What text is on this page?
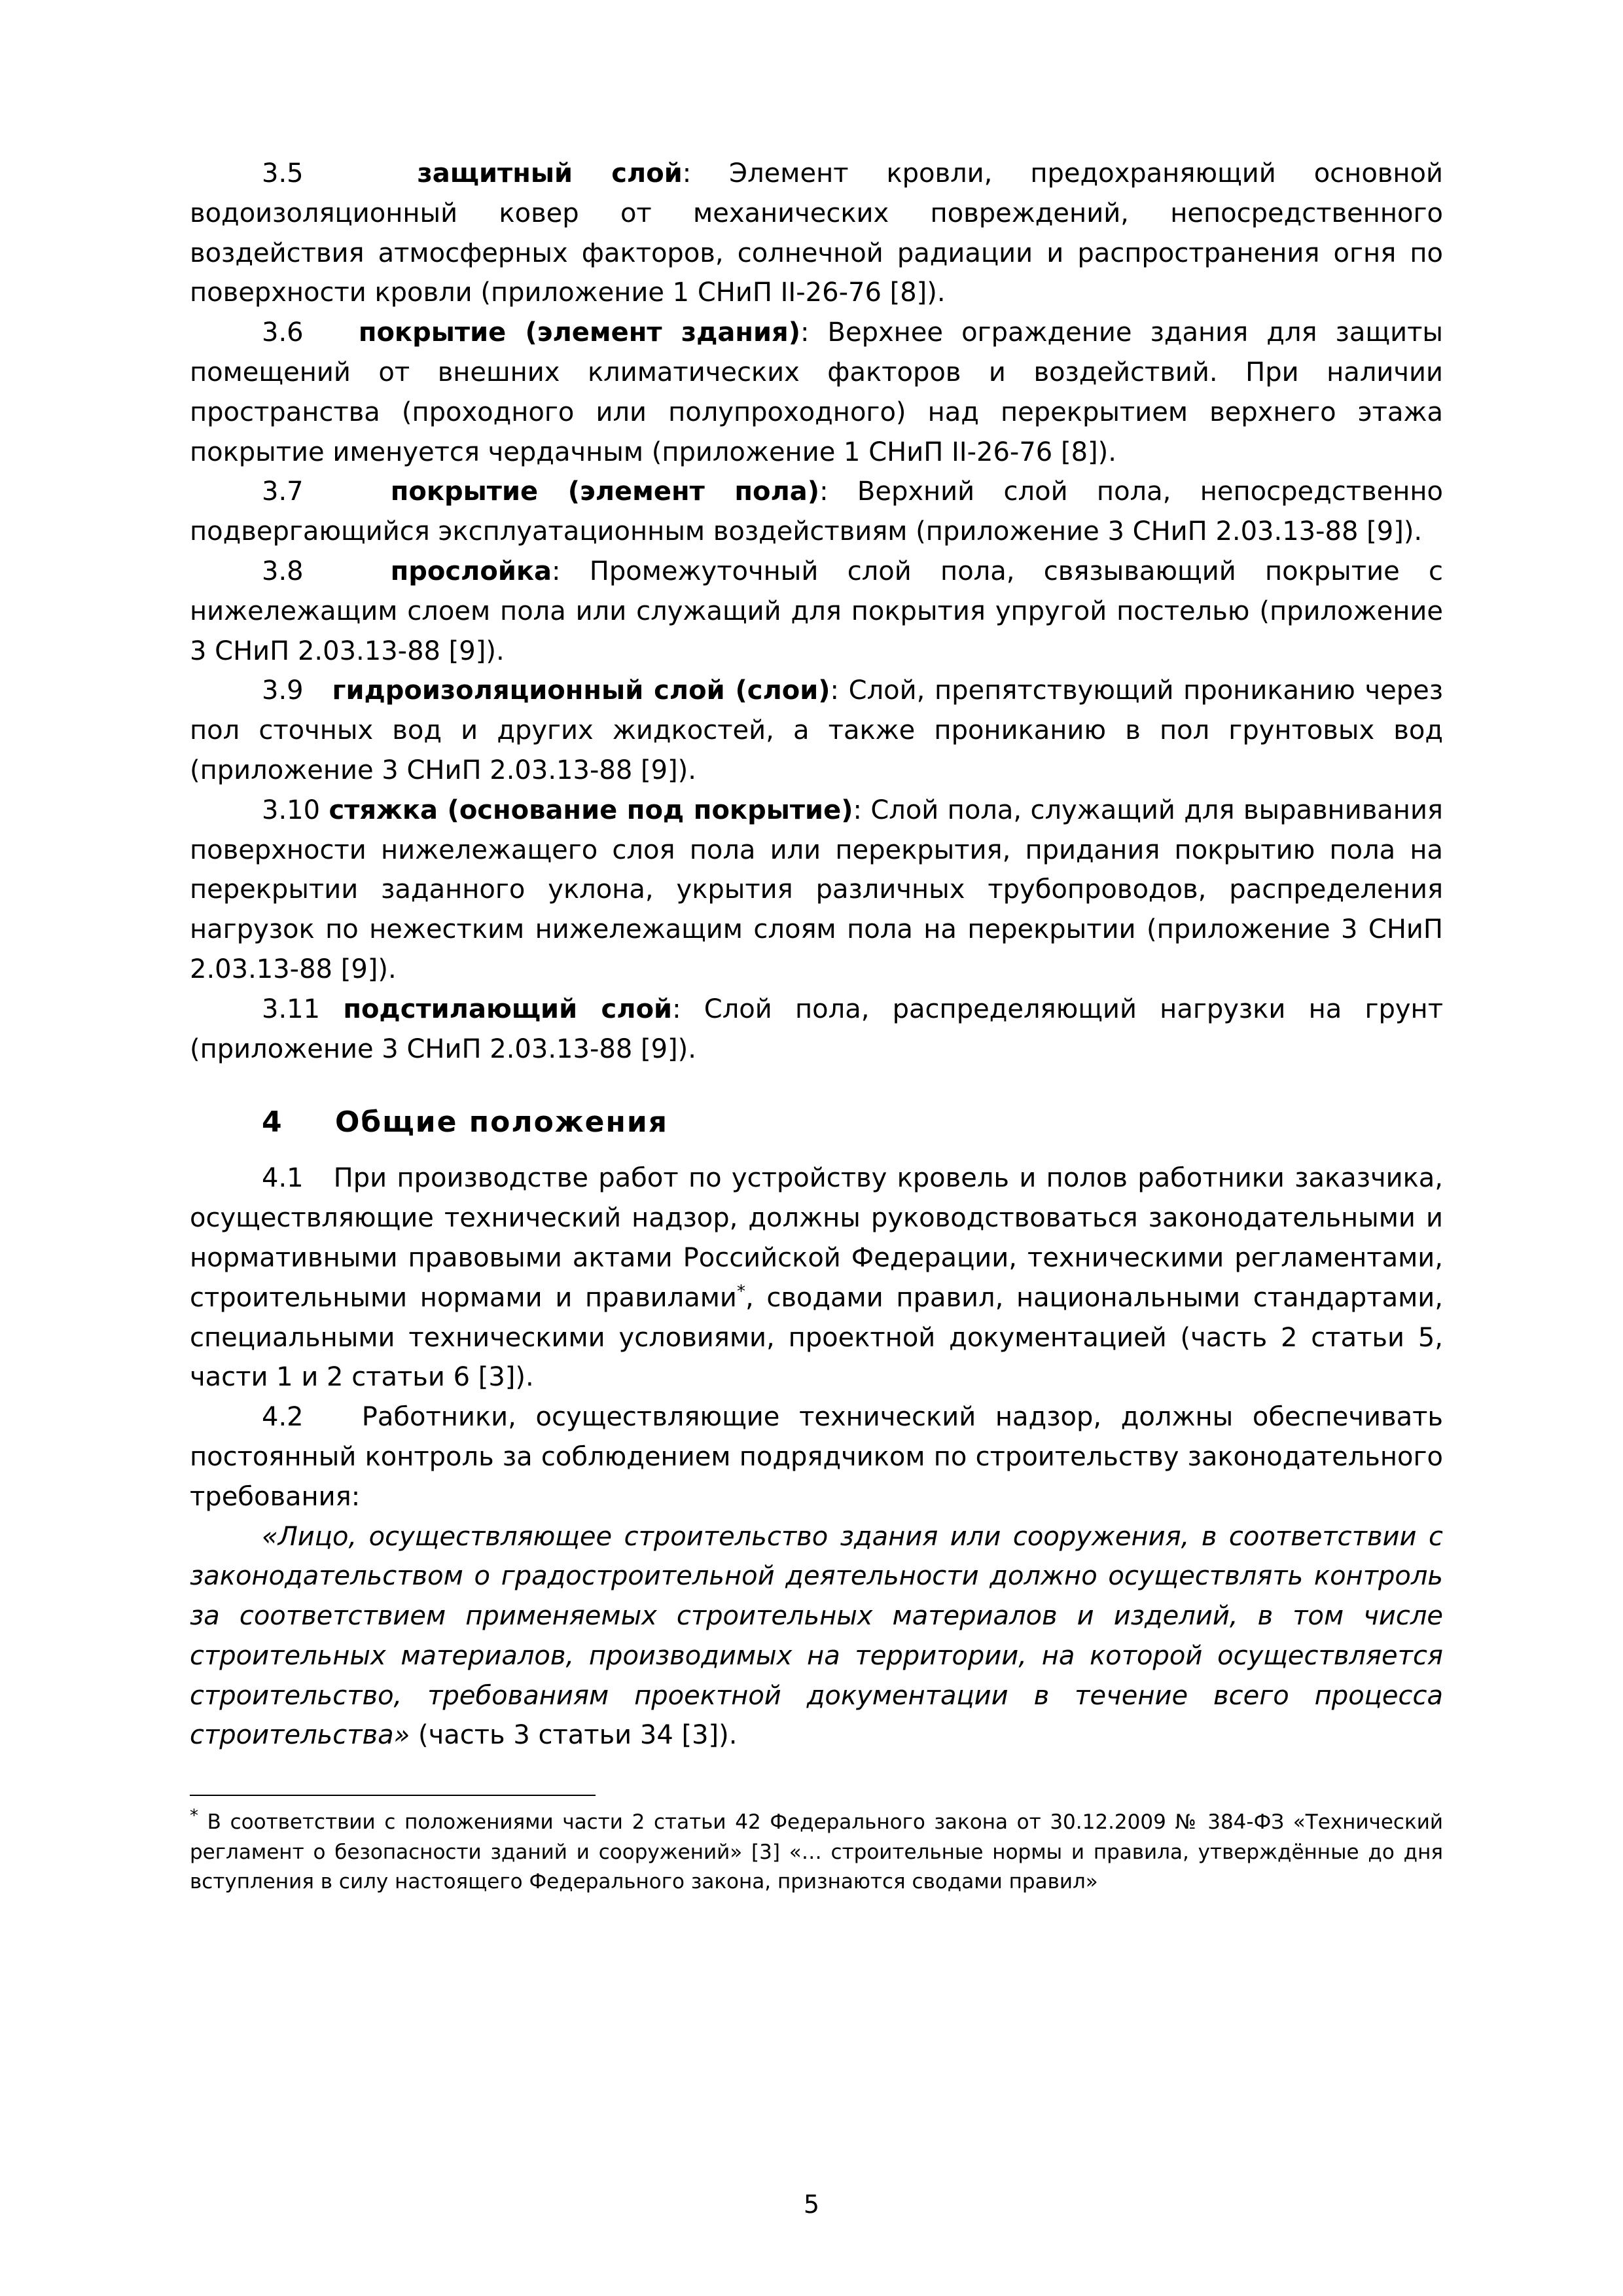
3.5	защитный слой: Элемент кровли, предохраняющий основной водоизоляционный ковер от механических повреждений, непосредственного воздействия атмосферных факторов, солнечной радиации и распространения огня по поверхности кровли (приложение 1 СНиП II-26-76 [8]).

3.6 покрытие (элемент здания): Верхнее ограждение здания для защиты помещений от внешних климатических факторов и воздействий. При наличии пространства (проходного или полупроходного) над перекрытием верхнего этажа покрытие именуется чердачным (приложение 1 СНиП II-26-76 [8]).

3.7	покрытие (элемент пола): Верхний слой пола, непосредственно подвергающийся эксплуатационным воздействиям (приложение 3 СНиП 2.03.13-88 [9]).

3.8	прослойка: Промежуточный слой пола, связывающий покрытие с нижележащим слоем пола или служащий для покрытия упругой постелью (приложение 3 СНиП 2.03.13-88 [9]).

3.9 гидроизоляционный слой (слои): Слой, препятствующий прониканию через пол сточных вод и других жидкостей, а также прониканию в пол грунтовых вод (приложение 3 СНиП 2.03.13-88 [9]).

3.10 стяжка (основание под покрытие): Слой пола, служащий для выравнивания поверхности нижележащего слоя пола или перекрытия, придания покрытию пола на перекрытии заданного уклона, укрытия различных трубопроводов, распределения нагрузок по нежестким нижележащим слоям пола на перекрытии (приложение 3 СНиП 2.03.13-88 [9]).

3.11 подстилающий слой: Слой пола, распределяющий нагрузки на грунт (приложение 3 СНиП 2.03.13-88 [9]).

4 Общие положения

4.1 При производстве работ по устройству кровель и полов работники заказчика, осуществляющие технический надзор, должны руководствоваться законодательными и нормативными правовыми актами Российской Федерации, техническими регламентами, строительными нормами и правилами*, сводами правил, национальными стандартами, специальными техническими условиями, проектной документацией (часть 2 статьи 5, части 1 и 2 статьи 6 [3]).

4.2 Работники, осуществляющие технический надзор, должны обеспечивать постоянный контроль за соблюдением подрядчиком по строительству законодательного требования:

«Лицо, осуществляющее строительство здания или сооружения, в соответствии с законодательством о градостроительной деятельности должно осуществлять контроль за соответствием применяемых строительных материалов и изделий, в том числе строительных материалов, производимых на территории, на которой осуществляется строительство, требованиям проектной документации в течение всего процесса строительства» (часть 3 статьи 34 [3]).

* В соответствии с положениями части 2 статьи 42 Федерального закона от 30.12.2009 № 384-ФЗ «Технический регламент о безопасности зданий и сооружений» [3] «… строительные нормы и правила, утверждённые до дня вступления в силу настоящего Федерального закона, признаются сводами правил»

5
